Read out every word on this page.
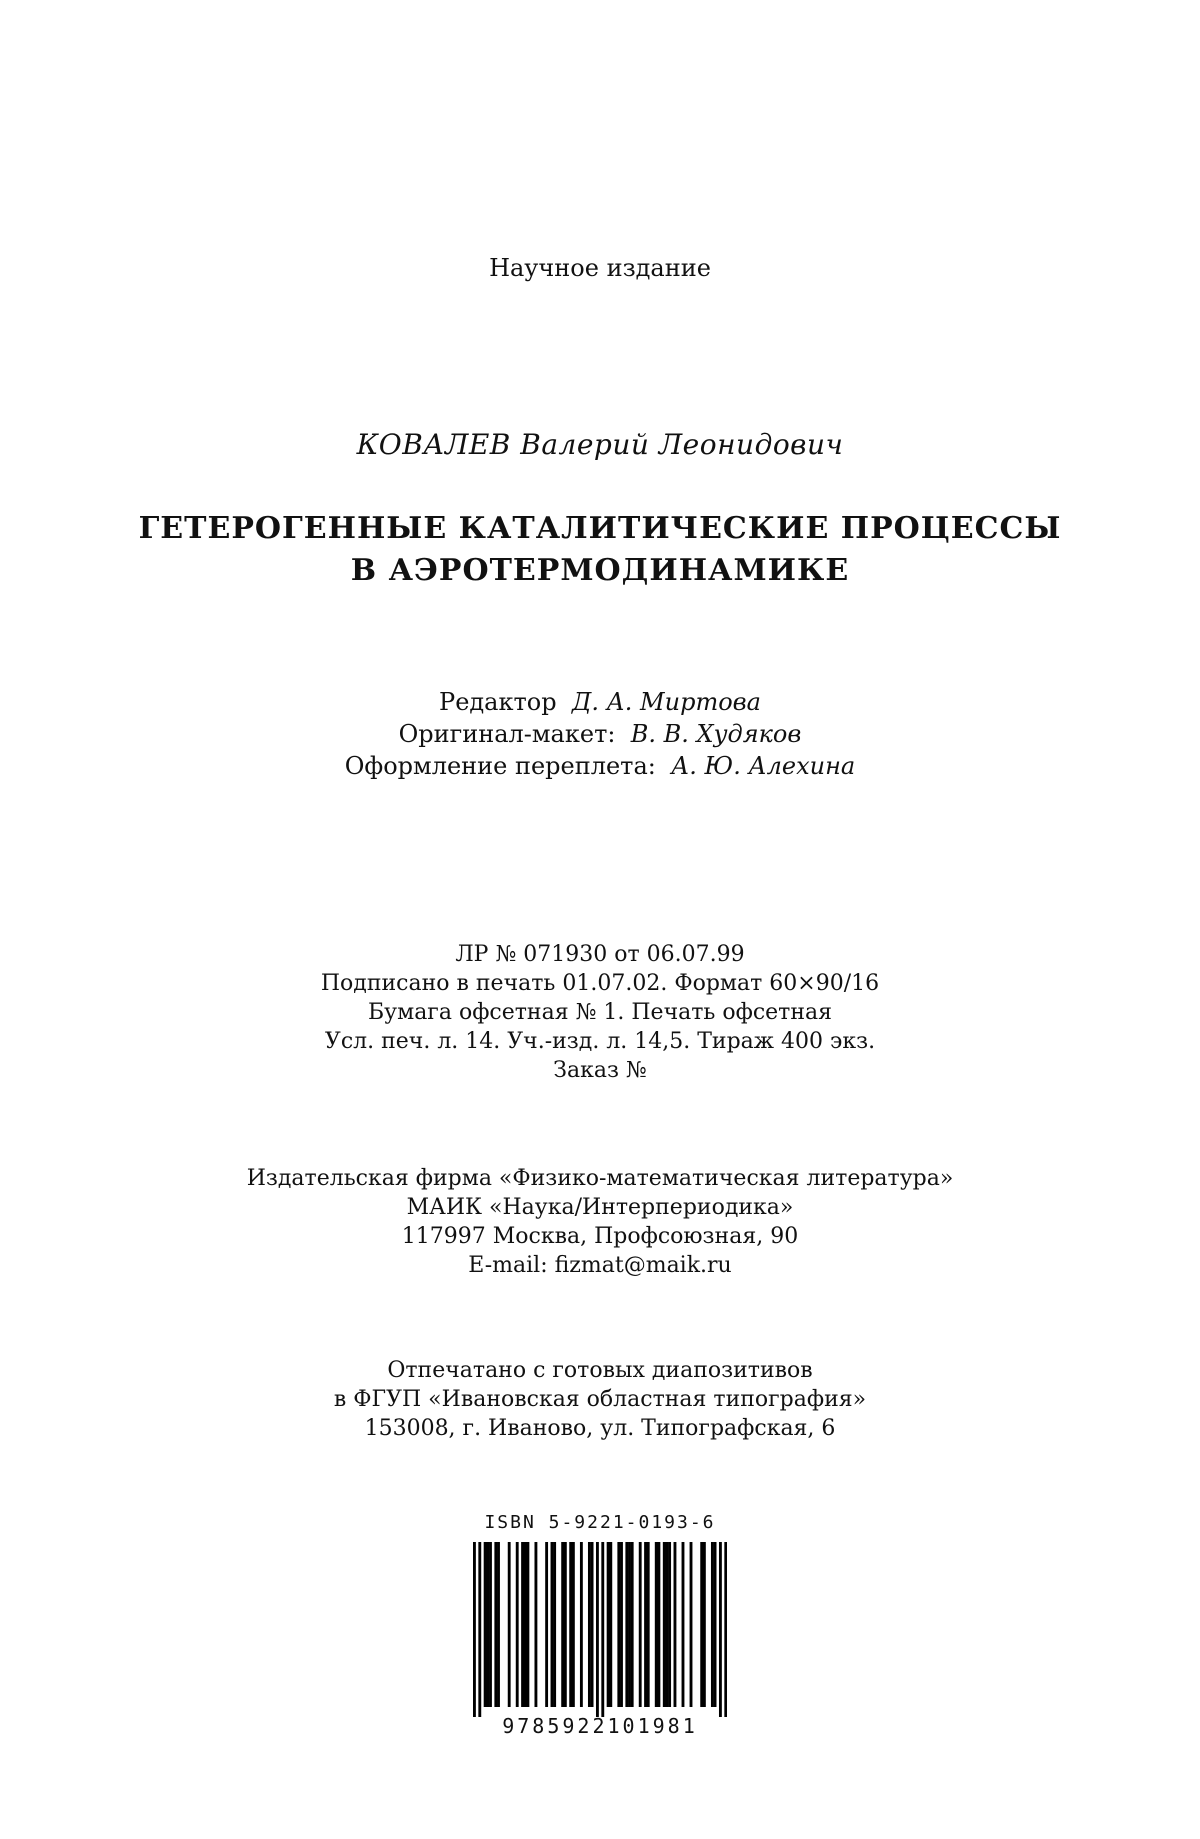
Научное издание
КОВАЛЕВ Валерий Леонидович
ГЕТЕРОГЕННЫЕ КАТАЛИТИЧЕСКИЕ ПРОЦЕССЫ
В АЭРОТЕРМОДИНАМИКЕ
Редактор Д. А. Миртова
Оригинал-макет: В. В. Худяков
Оформление переплета: А. Ю. Алехина
ЛР № 071930 от 06.07.99
Подписано в печать 01.07.02. Формат 60×90/16
Бумага офсетная № 1. Печать офсетная
Усл. печ. л. 14. Уч.-изд. л. 14,5. Тираж 400 экз.
Заказ №
Издательская фирма «Физико-математическая литература»
МАИК «Наука/Интерпериодика»
117997 Москва, Профсоюзная, 90
E-mail: fizmat@maik.ru
Отпечатано с готовых диапозитивов
в ФГУП «Ивановская областная типография»
153008, г. Иваново, ул. Типографская, 6
ISBN 5-9221-0193-6
9785922101981
